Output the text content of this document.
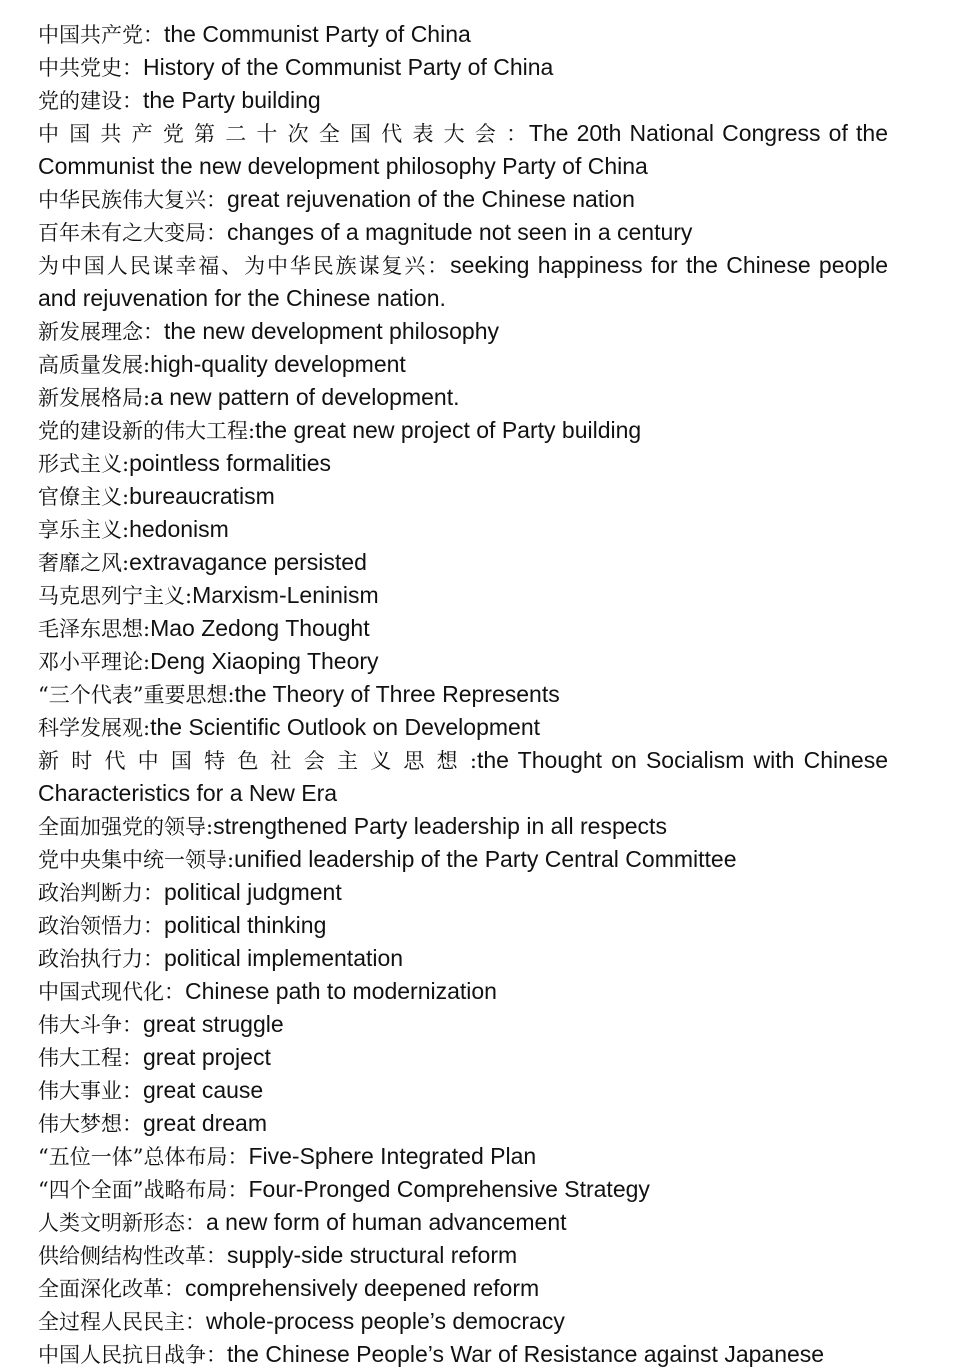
中国共产党：the Communist Party of China
中共党史：History of the Communist Party of China
党的建设：the Party building
中 国 共 产 党 第 二 十 次 全 国 代 表 大 会 ：The 20th National Congress of the Communist the new development philosophy Party of China
中华民族伟大复兴：great rejuvenation of the Chinese nation
百年未有之大变局：changes of a magnitude not seen in a century
为中国人民谋幸福、为中华民族谋复兴：seeking happiness for the Chinese people and rejuvenation for the Chinese nation.
新发展理念：the new development philosophy
高质量发展:high-quality development
新发展格局:a new pattern of development.
党的建设新的伟大工程:the great new project of Party building
形式主义:pointless formalities
官僚主义:bureaucratism
享乐主义:hedonism
奢靡之风:extravagance persisted
马克思列宁主义:Marxism-Leninism
毛泽东思想:Mao Zedong Thought
邓小平理论:Deng Xiaoping Theory
“三个代表”重要思想:the Theory of Three Represents
科学发展观:the Scientific Outlook on Development
新 时 代 中 国 特 色 社 会 主 义 思 想 :the Thought on Socialism with Chinese Characteristics for a New Era
全面加强党的领导:strengthened Party leadership in all respects
党中央集中统一领导:unified leadership of the Party Central Committee
政治判断力：political judgment
政治领悟力：political thinking
政治执行力：political implementation
中国式现代化：Chinese path to modernization
伟大斗争：great struggle
伟大工程：great project
伟大事业：great cause
伟大梦想：great dream
“五位一体”总体布局：Five-Sphere Integrated Plan
“四个全面”战略布局：Four-Pronged Comprehensive Strategy
人类文明新形态：a new form of human advancement
供给侧结构性改革：supply-side structural reform
全面深化改革：comprehensively deepened reform
全过程人民民主：whole-process people’s democracy
中国人民抗日战争：the Chinese People’s War of Resistance against Japanese
